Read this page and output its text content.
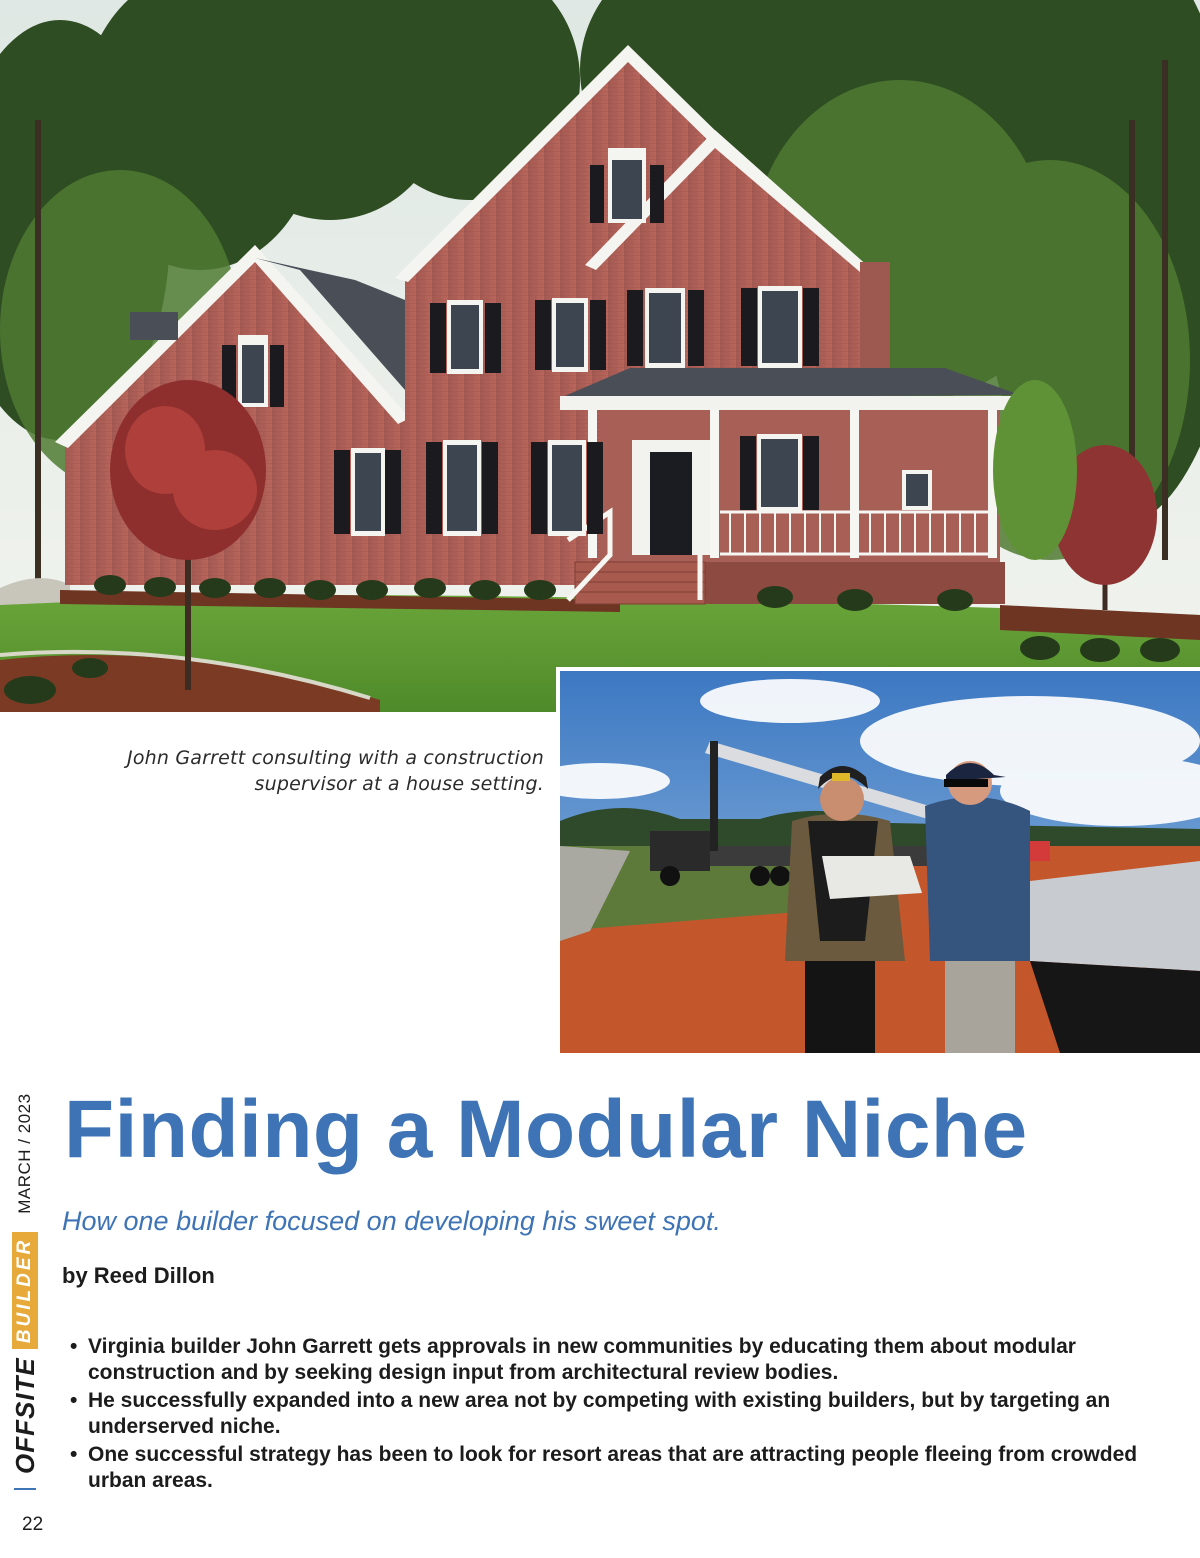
John Garrett consulting with a construction supervisor at a house setting.

OFFSITE
BUILDER
MARCH / 2023
22
Finding a Modular Niche

How one builder focused on developing his sweet spot.

by Reed Dillon

• Virginia builder John Garrett gets approvals in new communities by educating them about modular construction and by seeking design input from architectural review bodies.
• He successfully expanded into a new area not by competing with existing builders, but by targeting an underserved niche.
• One successful strategy has been to look for resort areas that are attracting people fleeing from crowded urban areas.
